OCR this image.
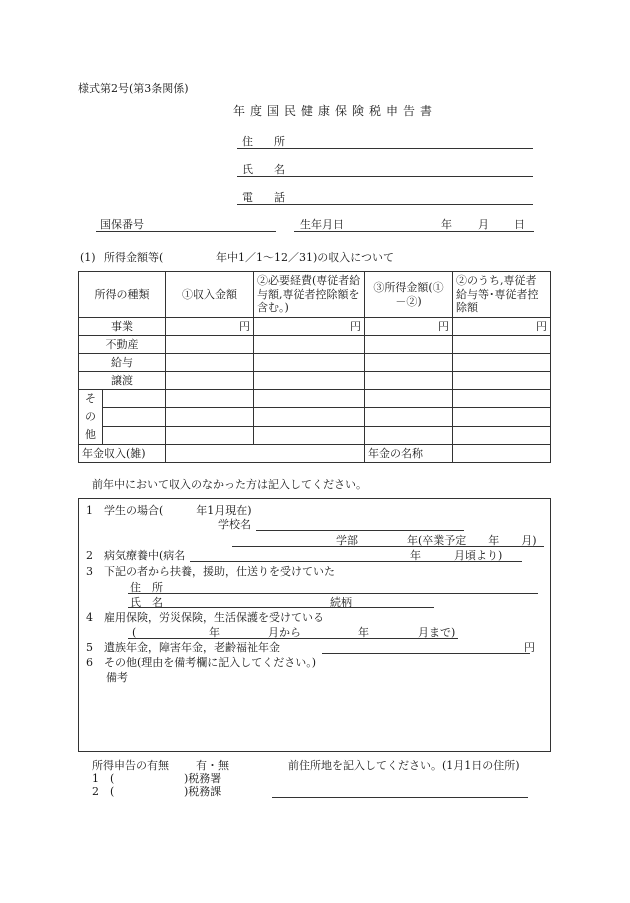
様式第2号(第3条関係)
年度国民健康保険税申告書
住　所
氏　名
電　話
国保番号	生年月日	年 月 日
(1) 所得金額等(	年中1／1～12／31)の収入について
所得の種類		①収入金額	②必要経費(専従者給与額,専従者控除額を含む。)	③所得金額(①－②)	②のうち,専従者給与等･専従者控除額
事業		円	円	円	円
不動産					
給与					
譲渡					

そ
の
他					

年金収入(雑)				年金の名称	
前年中において収入のなかった方は記入してください。
1　学生の場合(　　　年1月現在)
学校名
学部	年(卒業予定　　年　　月)
2　病気療養中(病名	年　　　月頃より)
3　下記の者から扶養，援助，仕送りを受けていた
住　所
氏　名	続柄
4　雇用保険，労災保険，生活保護を受けている
(	年	月から	年	月まで)
5　遺族年金，障害年金，老齢福祉年金	円
6　その他(理由を備考欄に記入してください。)
備考
所得申告の有無 有・無	前住所地を記入してください。(1月1日の住所)
1　(	)税務署
2　(	)税務課
